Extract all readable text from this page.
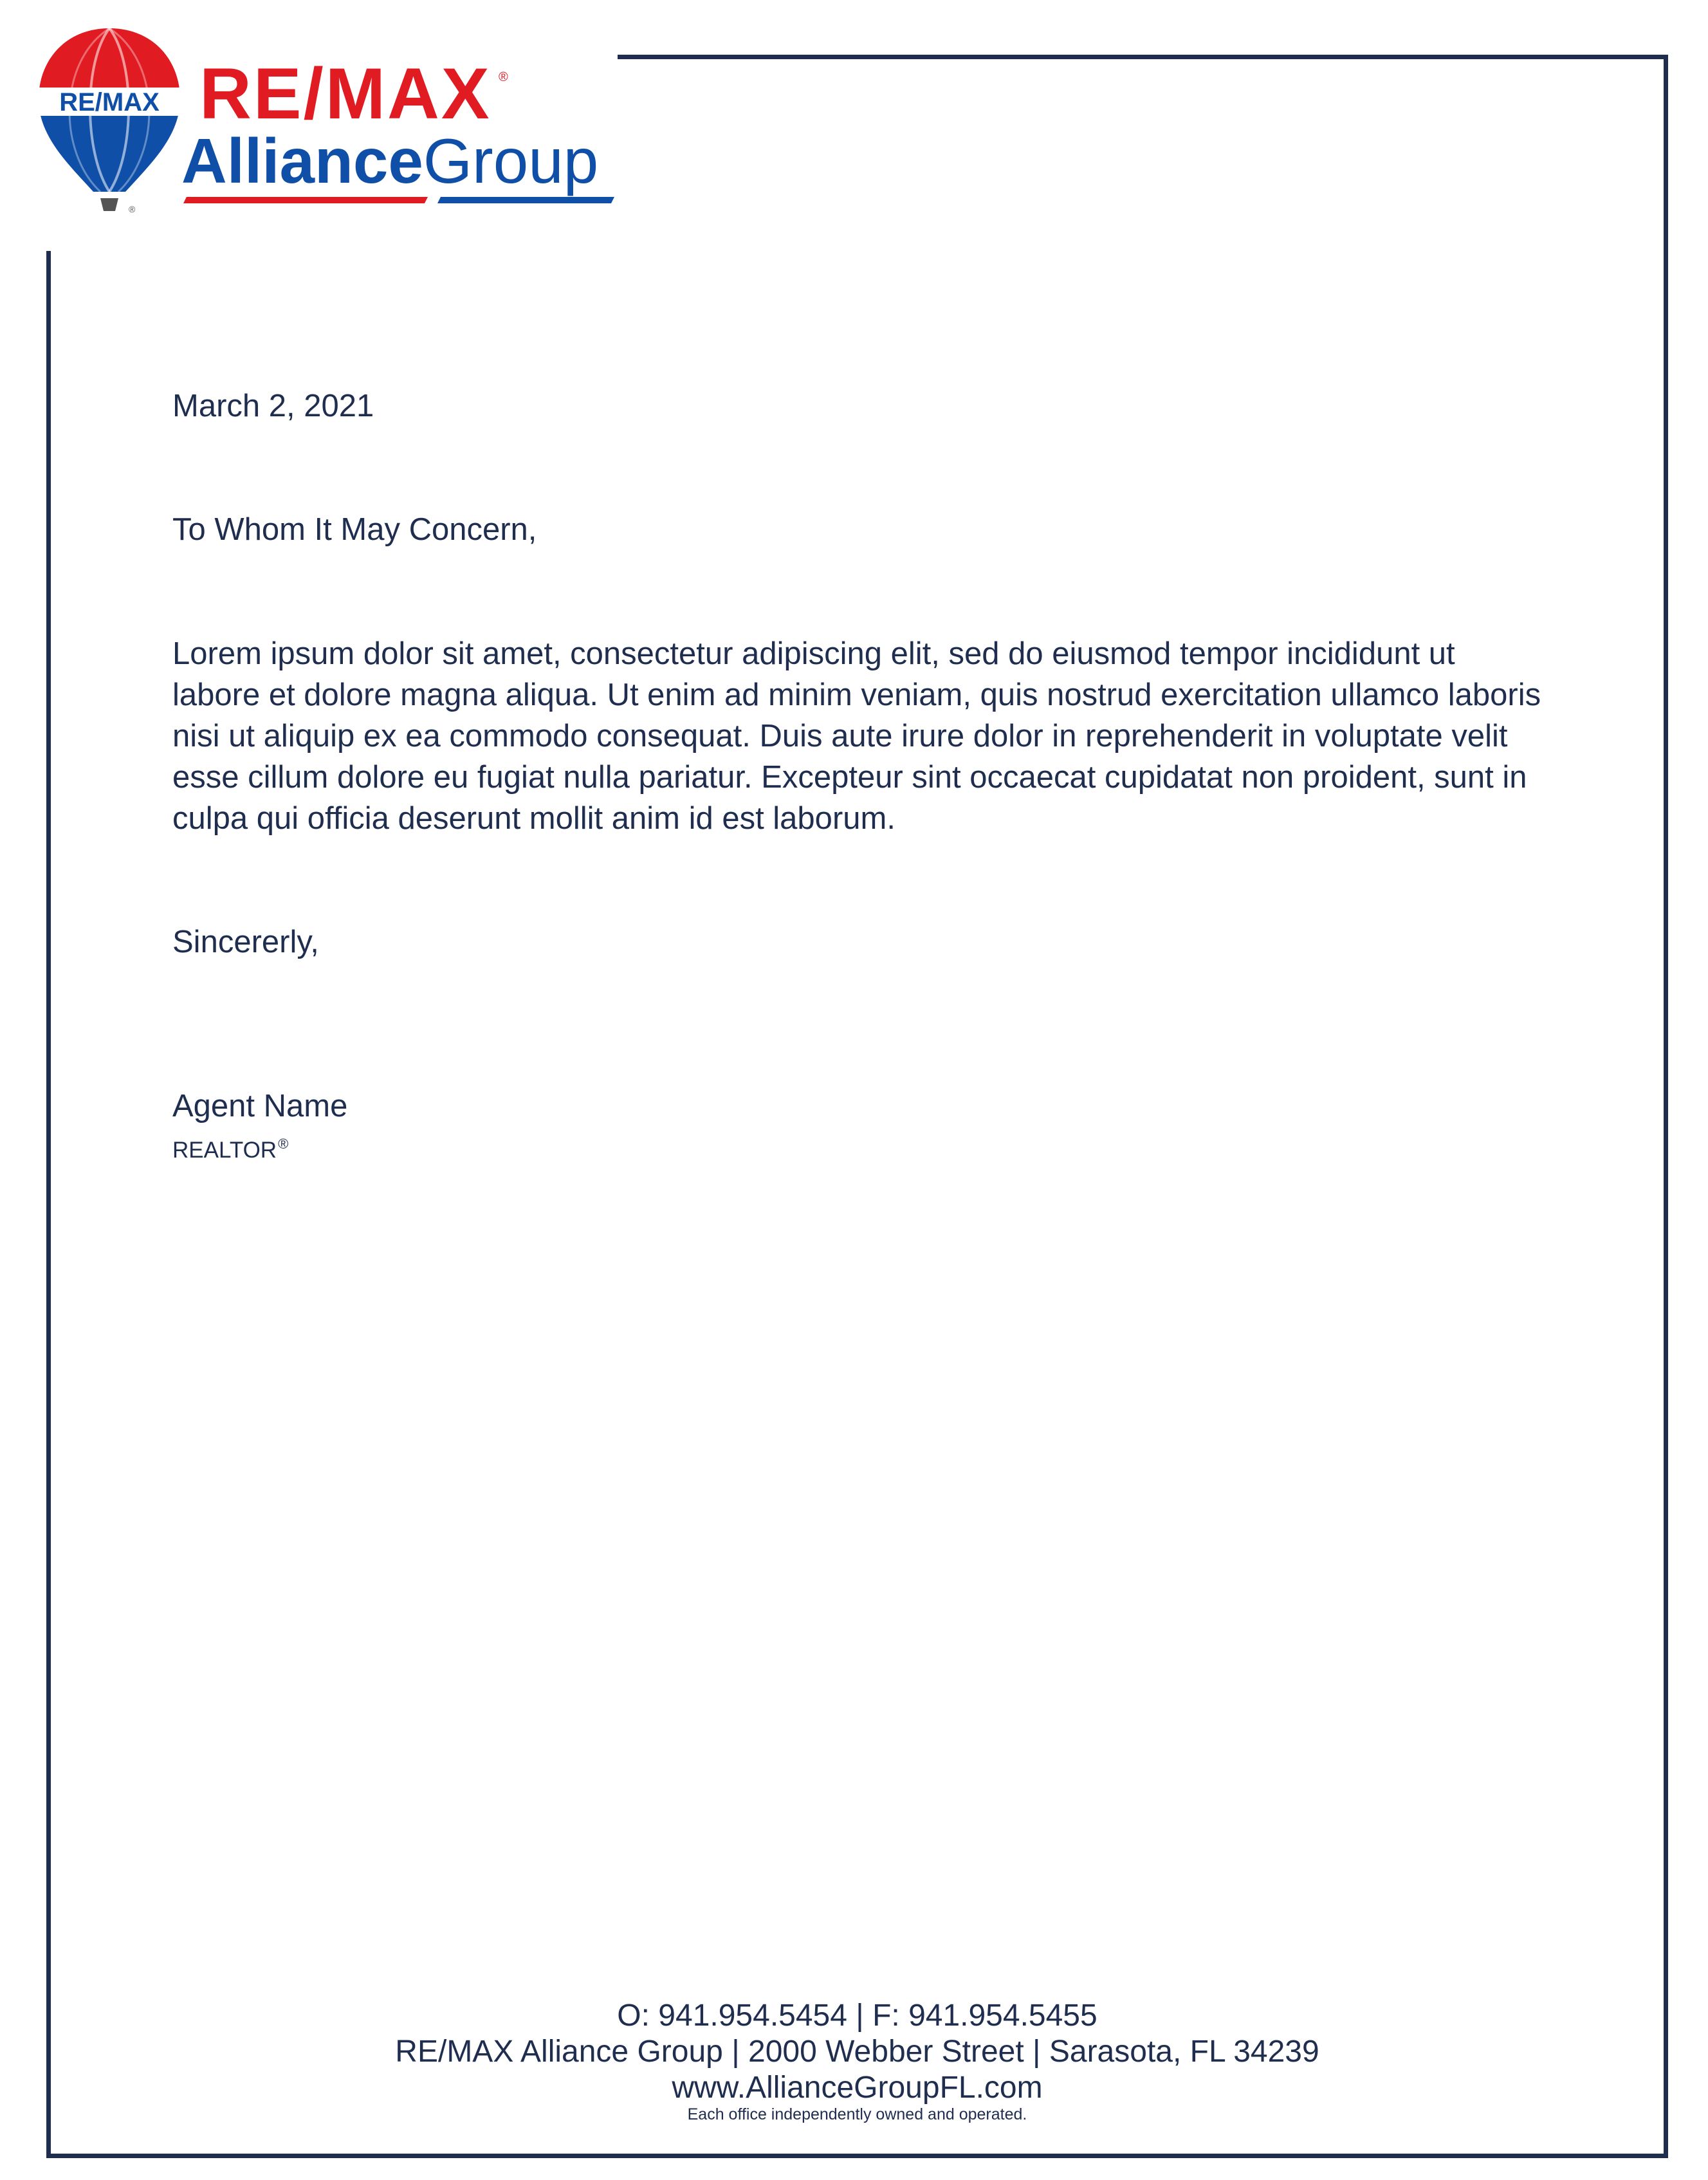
RE/MAX
®
RE/MAX ®
AllianceGroup
March 2, 2021
To Whom It May Concern,
Lorem ipsum dolor sit amet, consectetur adipiscing elit, sed do eiusmod tempor incididunt ut labore et dolore magna aliqua. Ut enim ad minim veniam, quis nostrud exercitation ullamco laboris nisi ut aliquip ex ea commodo consequat. Duis aute irure dolor in reprehenderit in voluptate velit esse cillum dolore eu fugiat nulla pariatur. Excepteur sint occaecat cupidatat non proident, sunt in culpa qui officia deserunt mollit anim id est laborum.
Sincererly,
Agent Name
REALTOR®
O: 941.954.5454 | F: 941.954.5455
RE/MAX Alliance Group | 2000 Webber Street | Sarasota, FL 34239
www.AllianceGroupFL.com
Each office independently owned and operated.
